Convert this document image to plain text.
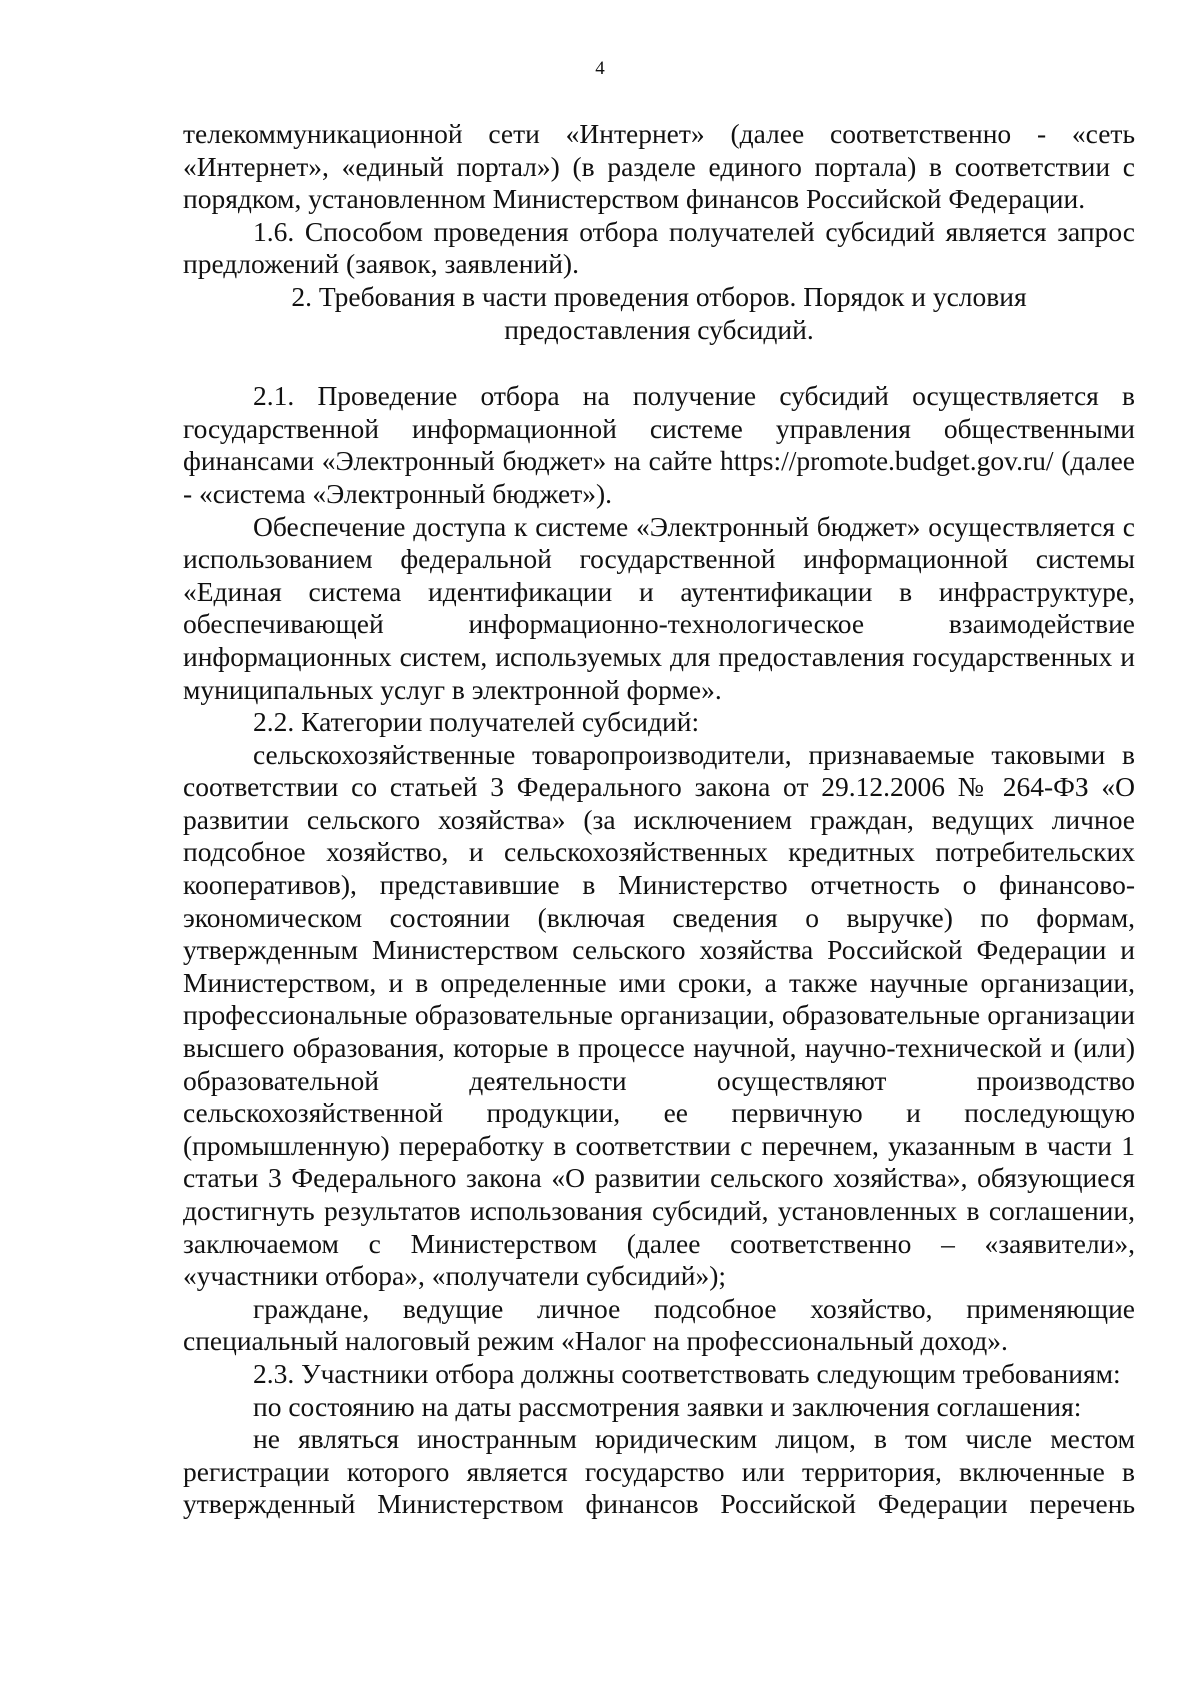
4

телекоммуникационной сети «Интернет» (далее соответственно - «сеть «Интернет», «единый портал») (в разделе единого портала) в соответствии с порядком, установленном Министерством финансов Российской Федерации.

1.6. Способом проведения отбора получателей субсидий является запрос предложений (заявок, заявлений).

2. Требования в части проведения отборов. Порядок и условия

предоставления субсидий.

2.1. Проведение отбора на получение субсидий осуществляется в государственной информационной системе управления общественными финансами «Электронный бюджет» на сайте https://promote.budget.gov.ru/ (далее - «система «Электронный бюджет»).

Обеспечение доступа к системе «Электронный бюджет» осуществляется с использованием федеральной государственной информационной системы «Единая система идентификации и аутентификации в инфраструктуре, обеспечивающей информационно-технологическое взаимодействие информационных систем, используемых для предоставления государственных и муниципальных услуг в электронной форме».

2.2. Категории получателей субсидий:

сельскохозяйственные товаропроизводители, признаваемые таковыми в соответствии со статьей 3 Федерального закона от 29.12.2006 № 264-ФЗ «О развитии сельского хозяйства» (за исключением граждан, ведущих личное подсобное хозяйство, и сельскохозяйственных кредитных потребительских кооперативов), представившие в Министерство отчетность о финансово-экономическом состоянии (включая сведения о выручке) по формам, утвержденным Министерством сельского хозяйства Российской Федерации и Министерством, и в определенные ими сроки, а также научные организации, профессиональные образовательные организации, образовательные организации высшего образования, которые в процессе научной, научно-технической и (или) образовательной деятельности осуществляют производство сельскохозяйственной продукции, ее первичную и последующую (промышленную) переработку в соответствии с перечнем, указанным в части 1 статьи 3 Федерального закона «О развитии сельского хозяйства», обязующиеся достигнуть результатов использования субсидий, установленных в соглашении, заключаемом с Министерством (далее соответственно – «заявители», «участники отбора», «получатели субсидий»);

граждане, ведущие личное подсобное хозяйство, применяющие специальный налоговый режим «Налог на профессиональный доход».

2.3. Участники отбора должны соответствовать следующим требованиям:

по состоянию на даты рассмотрения заявки и заключения соглашения:

не являться иностранным юридическим лицом, в том числе местом регистрации которого является государство или территория, включенные в утвержденный Министерством финансов Российской Федерации перечень
